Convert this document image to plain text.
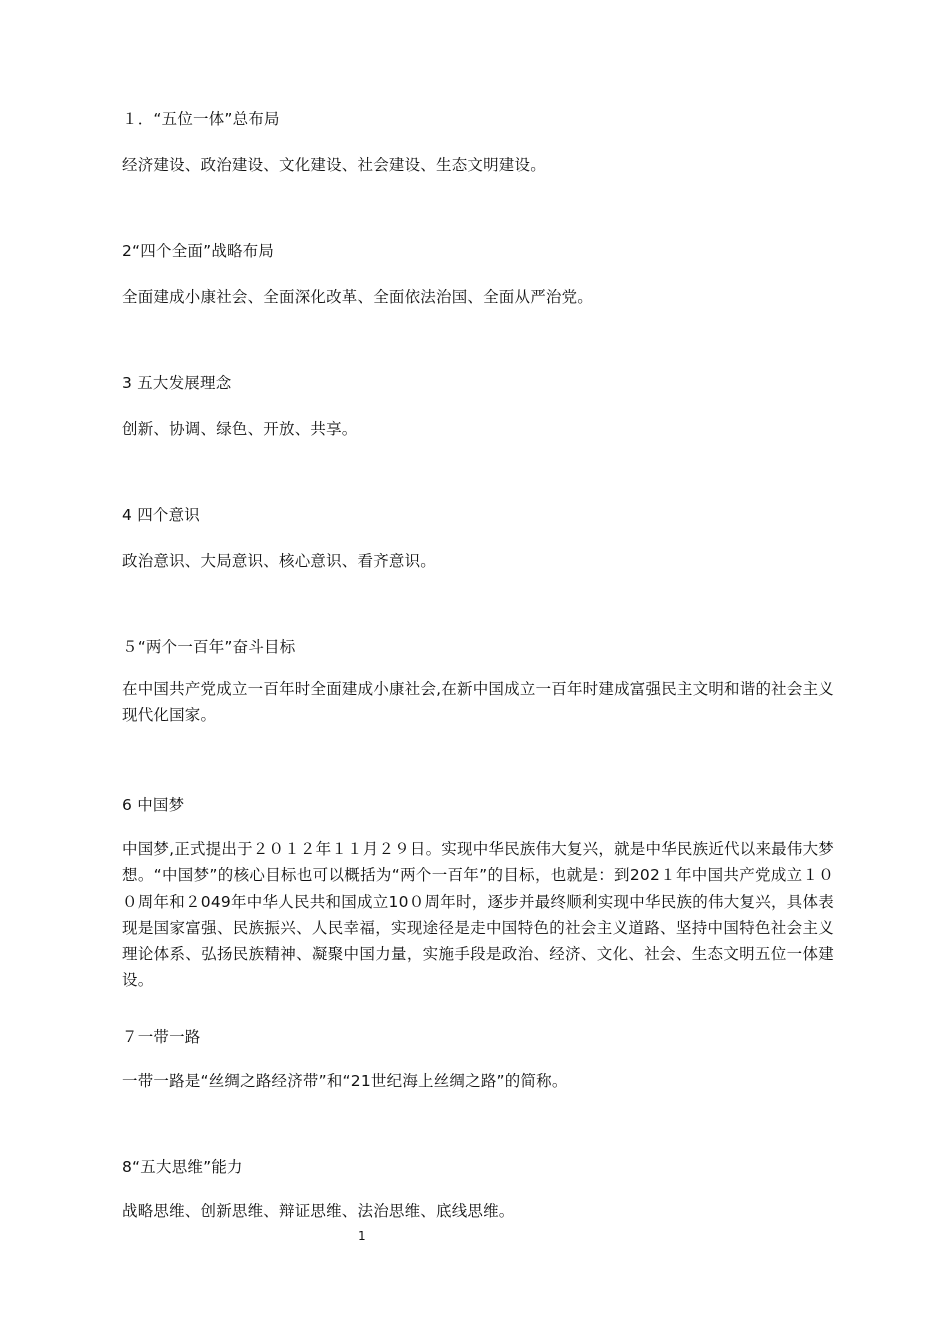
１．“五位一体”总布局
经济建设、政治建设、文化建设、社会建设、生态文明建设。
2“四个全面”战略布局
全面建成小康社会、全面深化改革、全面依法治国、全面从严治党。
3 五大发展理念
创新、协调、绿色、开放、共享。
4 四个意识
政治意识、大局意识、核心意识、看齐意识。
５“两个一百年”奋斗目标
在中国共产党成立一百年时全面建成小康社会,在新中国成立一百年时建成富强民主文明和谐的社会主义现代化国家。
6 中国梦
中国梦,正式提出于２０１２年１１月２９日。实现中华民族伟大复兴，就是中华民族近代以来最伟大梦想。“中国梦”的核心目标也可以概括为“两个一百年”的目标，也就是：到202１年中国共产党成立１００周年和２049年中华人民共和国成立10０周年时，逐步并最终顺利实现中华民族的伟大复兴，具体表现是国家富强、民族振兴、人民幸福，实现途径是走中国特色的社会主义道路、坚持中国特色社会主义理论体系、弘扬民族精神、凝聚中国力量，实施手段是政治、经济、文化、社会、生态文明五位一体建设。
７一带一路
一带一路是“丝绸之路经济带”和“21世纪海上丝绸之路”的简称。
8“五大思维”能力
战略思维、创新思维、辩证思维、法治思维、底线思维。
1
